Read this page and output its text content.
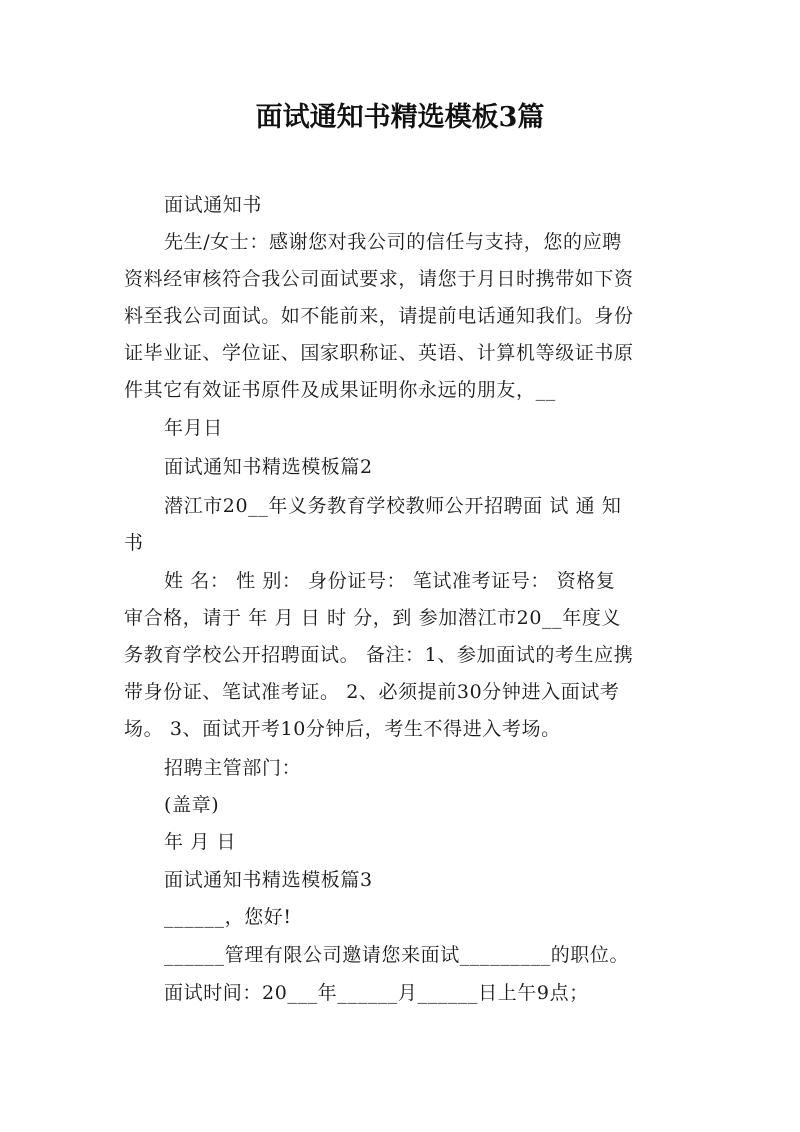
面试通知书精选模板3篇
面试通知书
先生/女士：感谢您对我公司的信任与支持，您的应聘
资料经审核符合我公司面试要求，请您于月日时携带如下资
料至我公司面试。如不能前来，请提前电话通知我们。身份
证毕业证、学位证、国家职称证、英语、计算机等级证书原
件其它有效证书原件及成果证明你永远的朋友，__
年月日
面试通知书精选模板篇2
潜江市20__年义务教育学校教师公开招聘面 试 通 知
书
姓 名： 性 别： 身份证号： 笔试准考证号： 资格复
审合格，请于 年 月 日 时 分，到 参加潜江市20__年度义
务教育学校公开招聘面试。 备注：1、参加面试的考生应携
带身份证、笔试准考证。 2、必须提前30分钟进入面试考
场。 3、面试开考10分钟后，考生不得进入考场。
招聘主管部门：
(盖章)
年 月 日
面试通知书精选模板篇3
______，您好!
______管理有限公司邀请您来面试_________的职位。
面试时间：20___年______月______日上午9点；
